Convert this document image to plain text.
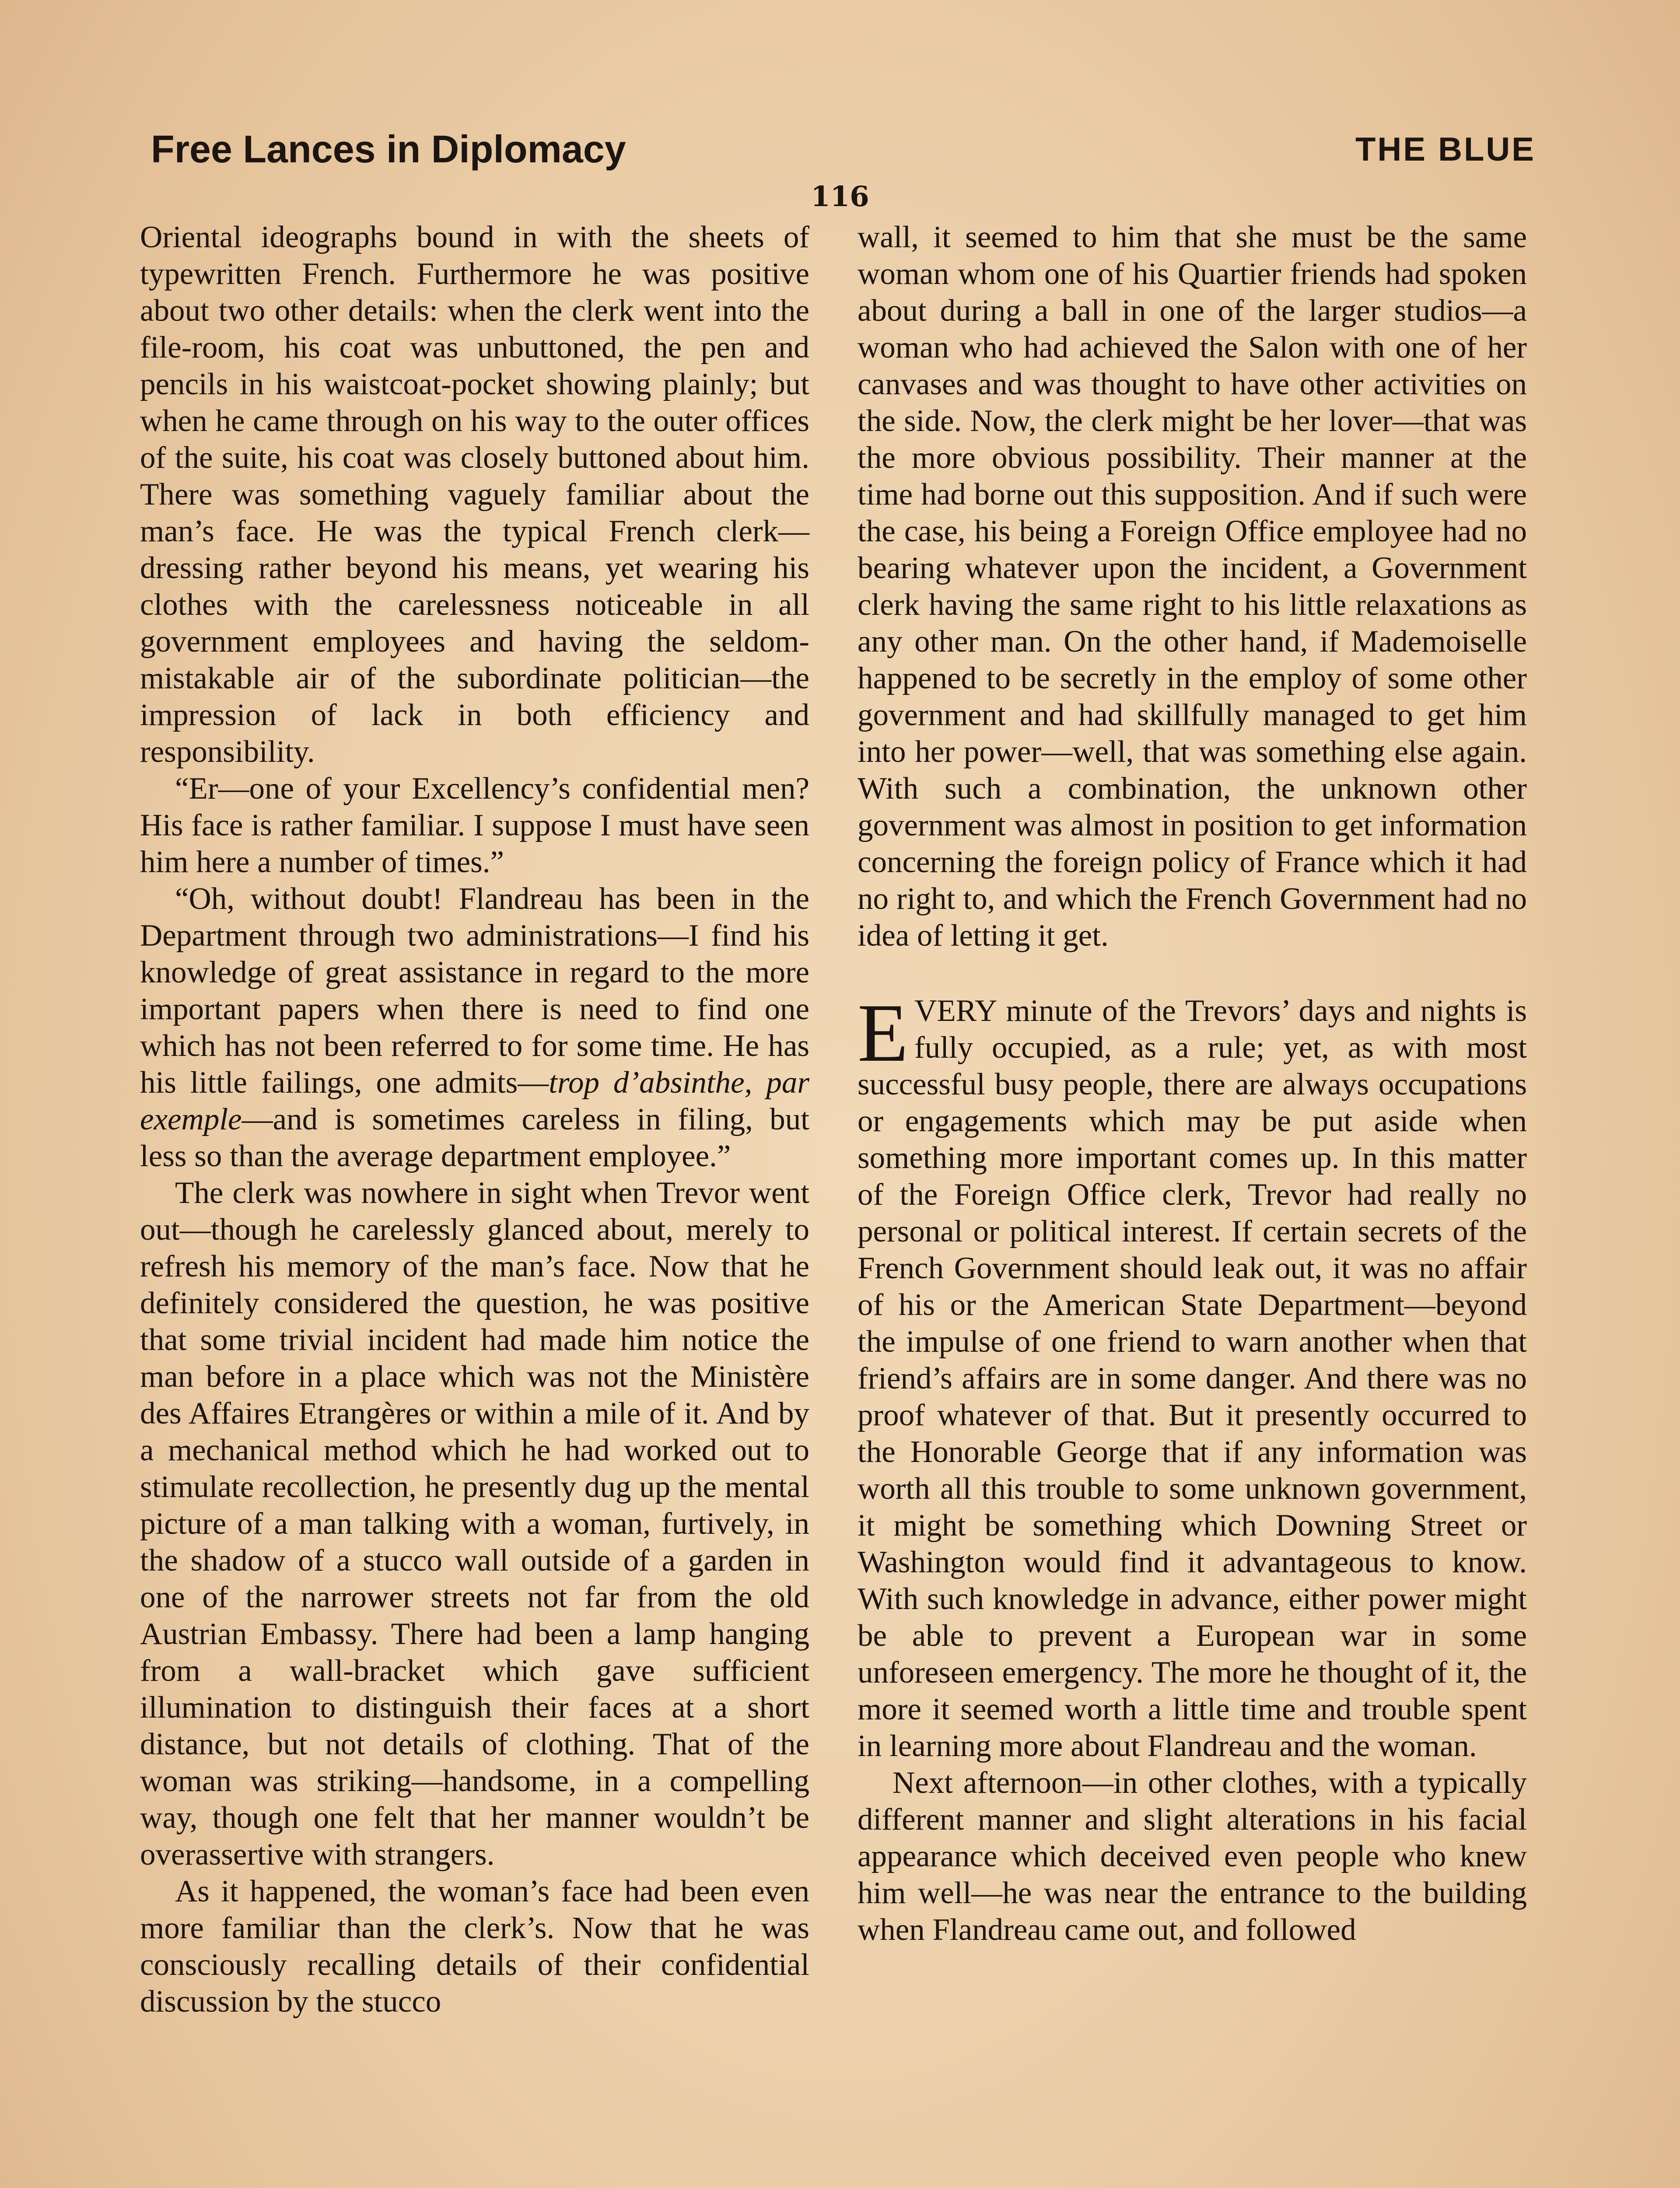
Free Lances in Diplomacy	THE BLUE
116

Oriental ideographs bound in with the sheets of typewritten French. Furthermore he was positive about two other details: when the clerk went into the file-room, his coat was unbuttoned, the pen and pencils in his waistcoat-pocket showing plainly; but when he came through on his way to the outer offices of the suite, his coat was closely buttoned about him. There was something vaguely familiar about the man’s face. He was the typical French clerk—dressing rather beyond his means, yet wearing his clothes with the carelessness noticeable in all government employees and having the seldom-mistakable air of the subordinate politician—the impression of lack in both efficiency and responsibility.

“Er—one of your Excellency’s confidential men? His face is rather familiar. I suppose I must have seen him here a number of times.”

“Oh, without doubt! Flandreau has been in the Department through two administrations—I find his knowledge of great assistance in regard to the more important papers when there is need to find one which has not been referred to for some time. He has his little failings, one admits—trop d’absinthe, par exemple—and is sometimes careless in filing, but less so than the average department employee.”

The clerk was nowhere in sight when Trevor went out—though he carelessly glanced about, merely to refresh his memory of the man’s face. Now that he definitely considered the question, he was positive that some trivial incident had made him notice the man before in a place which was not the Ministère des Affaires Etrangères or within a mile of it. And by a mechanical method which he had worked out to stimulate recollection, he presently dug up the mental picture of a man talking with a woman, furtively, in the shadow of a stucco wall outside of a garden in one of the narrower streets not far from the old Austrian Embassy. There had been a lamp hanging from a wall-bracket which gave sufficient illumination to distinguish their faces at a short distance, but not details of clothing. That of the woman was striking—handsome, in a compelling way, though one felt that her manner wouldn’t be overassertive with strangers.

As it happened, the woman’s face had been even more familiar than the clerk’s. Now that he was consciously recalling details of their confidential discussion by the stucco

wall, it seemed to him that she must be the same woman whom one of his Quartier friends had spoken about during a ball in one of the larger studios—a woman who had achieved the Salon with one of her canvases and was thought to have other activities on the side. Now, the clerk might be her lover—that was the more obvious possibility. Their manner at the time had borne out this supposition. And if such were the case, his being a Foreign Office employee had no bearing whatever upon the incident, a Government clerk having the same right to his little relaxations as any other man. On the other hand, if Mademoiselle happened to be secretly in the employ of some other government and had skillfully managed to get him into her power—well, that was something else again. With such a combination, the unknown other government was almost in position to get information concerning the foreign policy of France which it had no right to, and which the French Government had no idea of letting it get.

EVERY minute of the Trevors’ days and nights is fully occupied, as a rule; yet, as with most successful busy people, there are always occupations or engagements which may be put aside when something more important comes up. In this matter of the Foreign Office clerk, Trevor had really no personal or political interest. If certain secrets of the French Government should leak out, it was no affair of his or the American State Department—beyond the impulse of one friend to warn another when that friend’s affairs are in some danger. And there was no proof whatever of that. But it presently occurred to the Honorable George that if any information was worth all this trouble to some unknown government, it might be something which Downing Street or Washington would find it advantageous to know. With such knowledge in advance, either power might be able to prevent a European war in some unforeseen emergency. The more he thought of it, the more it seemed worth a little time and trouble spent in learning more about Flandreau and the woman.

Next afternoon—in other clothes, with a typically different manner and slight alterations in his facial appearance which deceived even people who knew him well—he was near the entrance to the building when Flandreau came out, and followed
